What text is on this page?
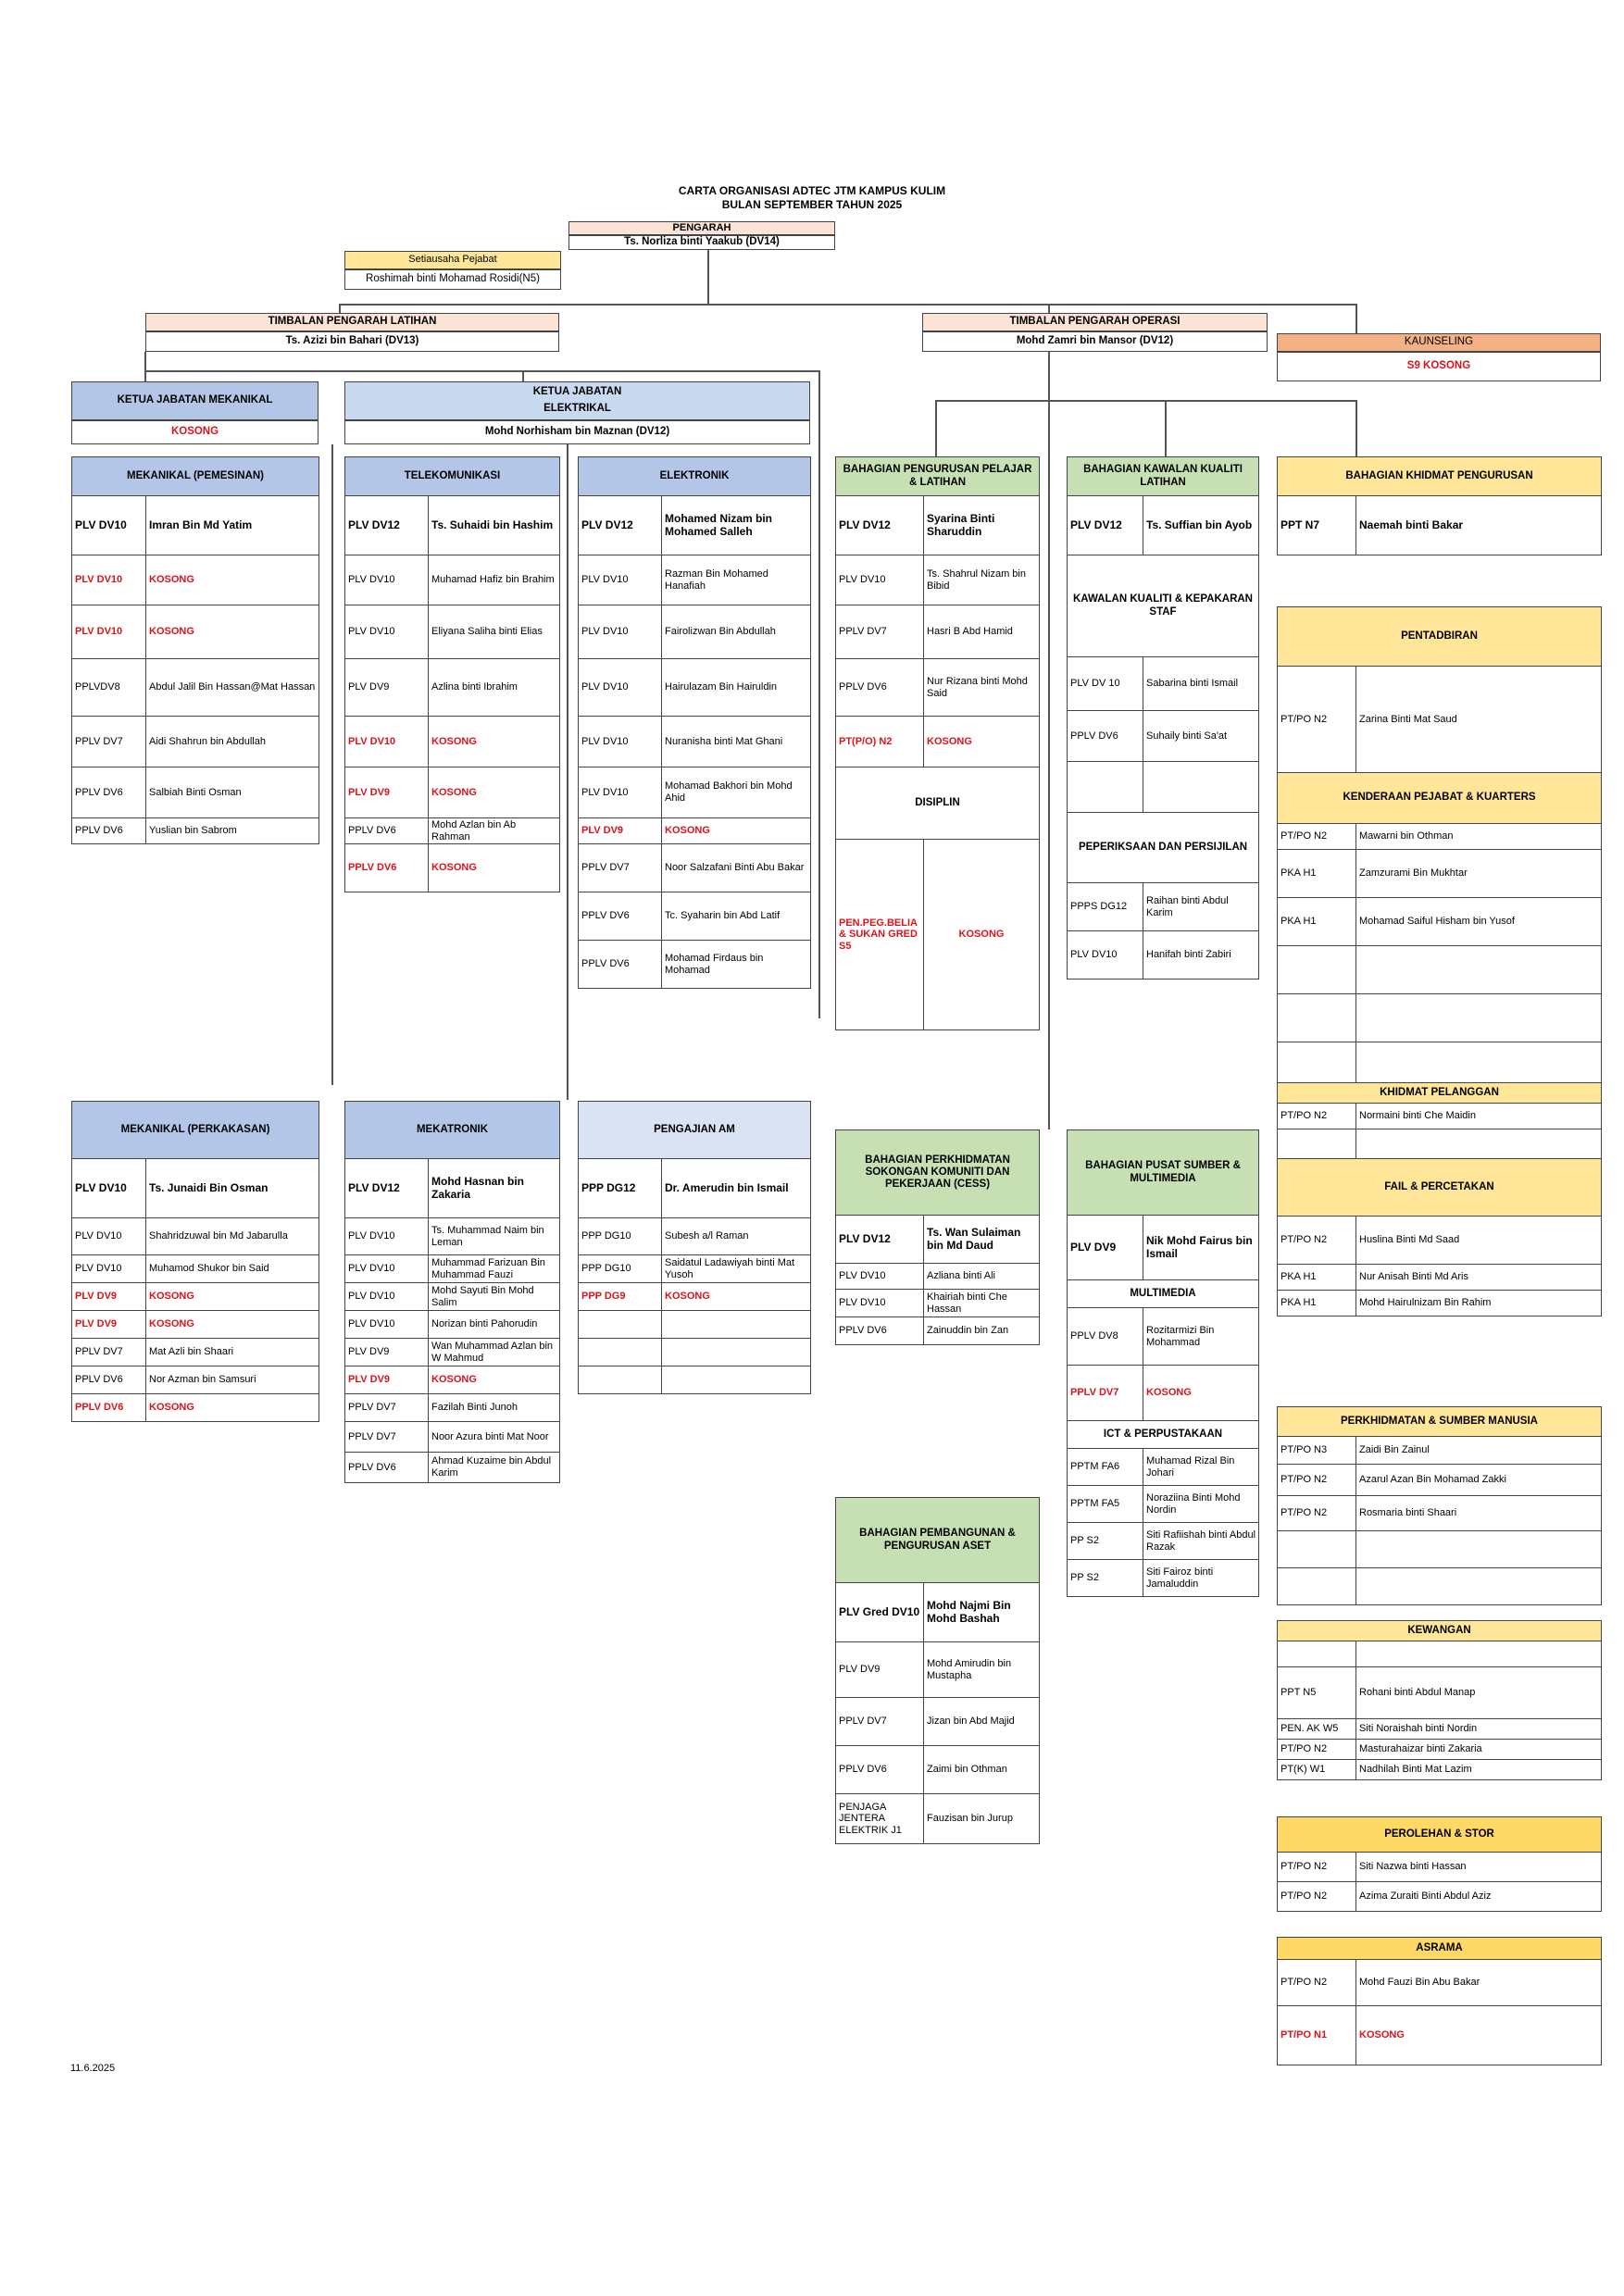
CARTA ORGANISASI ADTEC JTM KAMPUS KULIM
BULAN SEPTEMBER TAHUN 2025
PENGARAH
Ts. Norliza binti Yaakub (DV14)
Setiausaha Pejabat
Roshimah binti Mohamad Rosidi(N5)
TIMBALAN PENGARAH LATIHAN
Ts. Azizi bin Bahari (DV13)
TIMBALAN PENGARAH OPERASI
Mohd Zamri bin Mansor (DV12)	KAUNSELING
S9 KOSONG
KETUA JABATAN MEKANIKAL
KOSONG
KETUA JABATAN
ELEKTRIKAL
Mohd Norhisham bin Maznan (DV12)
MEKANIKAL (PEMESINAN)	
PLV DV10	Imran Bin Md Yatim
PLV DV10	KOSONG
PLV DV10	KOSONG
PPLVDV8	Abdul Jalil Bin Hassan@Mat Hassan
PPLV DV7	Aidi Shahrun bin Abdullah
PPLV DV6	Salbiah Binti Osman
PPLV DV6	Yuslian bin Sabrom
TELEKOMUNIKASI	
PLV DV12	Ts. Suhaidi bin Hashim
PLV DV10	Muhamad Hafiz bin Brahim
PLV DV10	Eliyana Saliha binti Elias
PLV DV9	Azlina binti Ibrahim
PLV DV10	KOSONG
PLV DV9	KOSONG
PPLV DV6	Mohd Azlan bin Ab Rahman
PPLV DV6	KOSONG
ELEKTRONIK	
PLV DV12	Mohamed Nizam bin Mohamed Salleh
PLV DV10	Razman Bin Mohamed Hanafiah
PLV DV10	Fairolizwan Bin Abdullah
PLV DV10	Hairulazam Bin Hairuldin
PLV DV10	Nuranisha binti Mat Ghani
PLV DV10	Mohamad Bakhori bin Mohd Ahid
PLV DV9	KOSONG
PPLV DV7	Noor Salzafani Binti Abu Bakar
PPLV DV6	Tc. Syaharin bin Abd Latif
PPLV DV6	Mohamad Firdaus bin Mohamad
BAHAGIAN PENGURUSAN PELAJAR & LATIHAN	
PLV DV12	Syarina Binti Sharuddin
PLV DV10	Ts. Shahrul Nizam bin Bibid
PPLV DV7	Hasri B Abd Hamid
PPLV DV6	Nur Rizana binti Mohd Said
PT(P/O) N2	KOSONG
DISIPLIN	
PEN.PEG.BELIA & SUKAN GRED S5	KOSONG
BAHAGIAN KAWALAN KUALITI LATIHAN	
PLV DV12	Ts. Suffian bin Ayob
KAWALAN KUALITI & KEPAKARAN STAF	
PLV DV 10	Sabarina binti Ismail
PPLV DV6	Suhaily binti Sa'at

PEPERIKSAAN DAN PERSIJILAN	
PPPS DG12	Raihan binti Abdul Karim
PLV DV10	Hanifah binti Zabiri
BAHAGIAN KHIDMAT PENGURUSAN
PPT N7	Naemah binti Bakar
PENTADBIRAN
PT/PO N2	Zarina Binti Mat Saud
KENDERAAN PEJABAT & KUARTERS	
PT/PO N2	Mawarni bin Othman
PKA H1	Zamzurami Bin Mukhtar
PKA H1	Mohamad Saiful Hisham bin Yusof

KHIDMAT PELANGGAN	
PT/PO N2	Normaini binti Che Maidin

FAIL & PERCETAKAN	
PT/PO N2	Huslina Binti Md Saad
PKA H1	Nur Anisah Binti Md Aris
PKA H1	Mohd Hairulnizam Bin Rahim
MEKANIKAL (PERKAKASAN)	
PLV DV10	Ts. Junaidi Bin Osman
PLV DV10	Shahridzuwal bin Md Jabarulla
PLV DV10	Muhamod Shukor bin Said
PLV DV9	KOSONG
PLV DV9	KOSONG
PPLV DV7	Mat Azli bin Shaari
PPLV DV6	Nor Azman bin Samsuri
PPLV DV6	KOSONG
MEKATRONIK	
PLV DV12	Mohd Hasnan bin Zakaria
PLV DV10	Ts. Muhammad Naim bin Leman
PLV DV10	Muhammad Farizuan Bin Muhammad Fauzi
PLV DV10	Mohd Sayuti Bin Mohd Salim
PLV DV10	Norizan binti Pahorudin
PLV DV9	Wan Muhammad Azlan bin W Mahmud
PLV DV9	KOSONG
PPLV DV7	Fazilah Binti Junoh
PPLV DV7	Noor Azura binti Mat Noor
PPLV DV6	Ahmad Kuzaime bin Abdul Karim
PENGAJIAN AM	
PPP DG12	Dr. Amerudin bin Ismail
PPP DG10	Subesh a/l Raman
PPP DG10	Saidatul Ladawiyah binti Mat Yusoh
PPP DG9	KOSONG

BAHAGIAN PERKHIDMATAN SOKONGAN KOMUNITI DAN PEKERJAAN (CESS)	
PLV DV12	Ts. Wan Sulaiman bin Md Daud
PLV DV10	Azliana binti Ali
PLV DV10	Khairiah binti Che Hassan
PPLV DV6	Zainuddin bin Zan
BAHAGIAN PUSAT SUMBER & MULTIMEDIA	
PLV DV9	Nik Mohd Fairus bin Ismail
MULTIMEDIA	
PPLV DV8	Rozitarmizi Bin Mohammad
PPLV DV7	KOSONG
ICT & PERPUSTAKAAN	
PPTM FA6	Muhamad Rizal Bin Johari
PPTM FA5	Noraziina Binti Mohd Nordin
PP S2	Siti Rafiishah binti Abdul Razak
PP S2	Siti Fairoz binti Jamaluddin
PERKHIDMATAN & SUMBER MANUSIA	
PT/PO N3	Zaidi Bin Zainul
PT/PO N2	Azarul Azan Bin Mohamad Zakki
PT/PO N2	Rosmaria binti Shaari

BAHAGIAN PEMBANGUNAN & PENGURUSAN ASET	
PLV Gred DV10	Mohd Najmi Bin Mohd Bashah
PLV DV9	Mohd Amirudin bin Mustapha
PPLV DV7	Jizan bin Abd Majid
PPLV DV6	Zaimi bin Othman
PENJAGA JENTERA ELEKTRIK J1	Fauzisan bin Jurup
KEWANGAN	

PPT N5	Rohani binti Abdul Manap
PEN. AK W5	Siti Noraishah binti Nordin
PT/PO N2	Masturahaizar binti Zakaria
PT(K) W1	Nadhilah Binti Mat Lazim
PEROLEHAN & STOR	
PT/PO N2	Siti Nazwa binti Hassan
PT/PO N2	Azima Zuraiti Binti Abdul Aziz
ASRAMA	
PT/PO N2	Mohd Fauzi Bin Abu Bakar
PT/PO N1	KOSONG
11.6.2025
